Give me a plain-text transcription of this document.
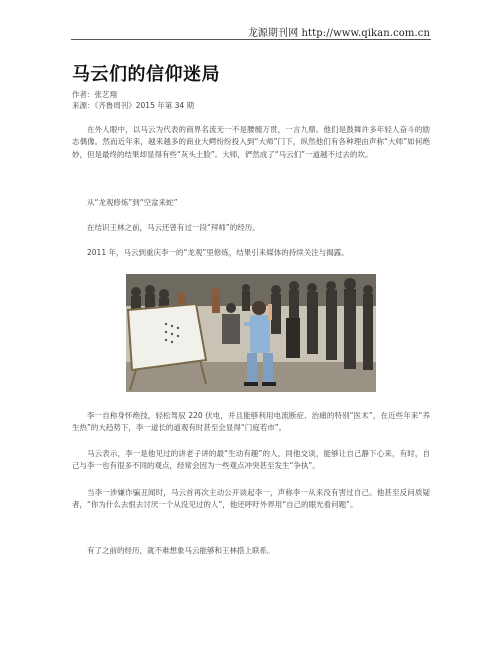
龙源期刊网 http://www.qikan.com.cn
马云们的信仰迷局
作者：张艺翔
来源：《齐鲁周刊》2015 年第 34 期

在外人眼中，以马云为代表的商界名流无一不是腰缠万贯，一言九鼎。他们是鼓舞许多年轻人奋斗的励志偶像。然而近年来，越来越多的商业大鳄纷纷投入到“大师”门下，纵然他们有各种理由声称“大师”如何绝妙，但是最终的结果却显得有些“灰头土脸”。大师，俨然成了“马云们”一道越不过去的坎。

从“龙观修炼”到“空盆来蛇”

在结识王林之前，马云还曾有过一段“拜师”的经历。

2011 年，马云到重庆李一的“龙观”里修炼，结果引来媒体的持续关注与揭露。

李一自称身怀绝技，轻松驾驭 220 伏电，并且能够利用电流断症、治痛的特别“医术”，在近些年来“养生热”的大趋势下，李一道长的道观有时甚至会显得“门庭若市”。

马云表示，李一是他见过的讲老子讲的最“生动有趣”的人，同他交谈，能够让自己静下心来，有时，自己与李一也有很多不同的观点，经常会因为一些观点冲突甚至发生“争执”。

当李一涉嫌诈骗丑闻时，马云首再次主动公开谈起李一，声称李一从来没有害过自己。他甚至反问质疑者，“你为什么去恨去讨厌一个从没见过的人”，他还呼吁外界用“自己的眼光看问题”。

有了之前的经历，就不难想象马云能够和王林搭上联系。
